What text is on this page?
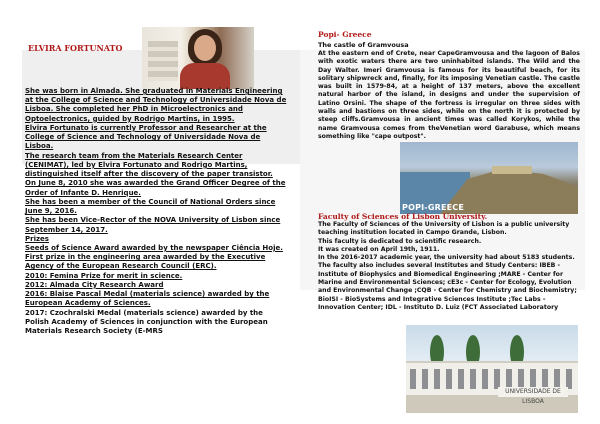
ELVIRA FORTUNATO

She was born in Almada. She graduated in Materials Engineering at the College of Science and Technology of Universidade Nova de Lisboa. She completed her PhD in Microelectronics and Optoelectronics, guided by Rodrigo Martins, in 1995.

Elvira Fortunato is currently Professor and Researcher at the College of Science and Technology of Universidade Nova de Lisboa.

The research team from the Materials Research Center (CENIMAT), led by Elvira Fortunato and Rodrigo Martins, distinguished itself after the discovery of the paper transistor.

On June 8, 2010 she was awarded the Grand Officer Degree of the Order of Infante D. Henrique.

She has been a member of the Council of National Orders since June 9, 2016.

She has been Vice-Rector of the NOVA University of Lisbon since September 14, 2017.

Prizes

Seeds of Science Award awarded by the newspaper Ciência Hoje.

First prize in the engineering area awarded by the Executive Agency of the European Research Council (ERC).

2010: Femina Prize for merit in science.

2012: Almada City Research Award

2016: Blaise Pascal Medal (materials science) awarded by the European Academy of Sciences.

2017: Czochralski Medal (materials science) awarded by the Polish Academy of Sciences in conjunction with the European Materials Research Society (E-MRS

Popi- Greece

The castle of Gramvousa

At the eastern end of Crete, near CapeGramvousa and the lagoon of Balos with exotic waters there are two uninhabited islands. The Wild and the Day Walter. Imeri Gramvousa is famous for its beautiful beach, for its solitary shipwreck and, finally, for its imposing Venetian castle. The castle was built in 1579-84, at a height of 137 meters, above the excellent natural harbor of the island, in designs and under the supervision of Latino Orsini. The shape of the fortress is irregular on three sides with walls and bastions on three sides, while on the north it is protected by steep cliffs.Gramvousa in ancient times was called Korykos, while the name Gramvousa comes from theVenetian word Garabuse, which means something like "cape outpost".

POPI-GREECE

Faculty of Sciences of Lisbon University.

The Faculty of Sciences of the University of Lisbon is a public university teaching institution located in Campo Grande, Lisbon.

This faculty is dedicated to scientific research.

It was created on April 19th, 1911.

In the 2016-2017 academic year, the university had about 5183 students.

The faculty also includes several Institutes and Study Centers: IBEB - Institute of Biophysics and Biomedical Engineering ;MARE - Center for Marine and Environmental Sciences; cE3c - Center for Ecology, Evolution and Environmental Change ;CQB - Center for Chemistry and Biochemistry; BioISI - BioSystems and Integrative Sciences Institute ;Tec Labs - Innovation Center; IDL - Instituto D. Luiz (FCT Associated Laboratory

UNIVERSIDADE DE LISBOA
